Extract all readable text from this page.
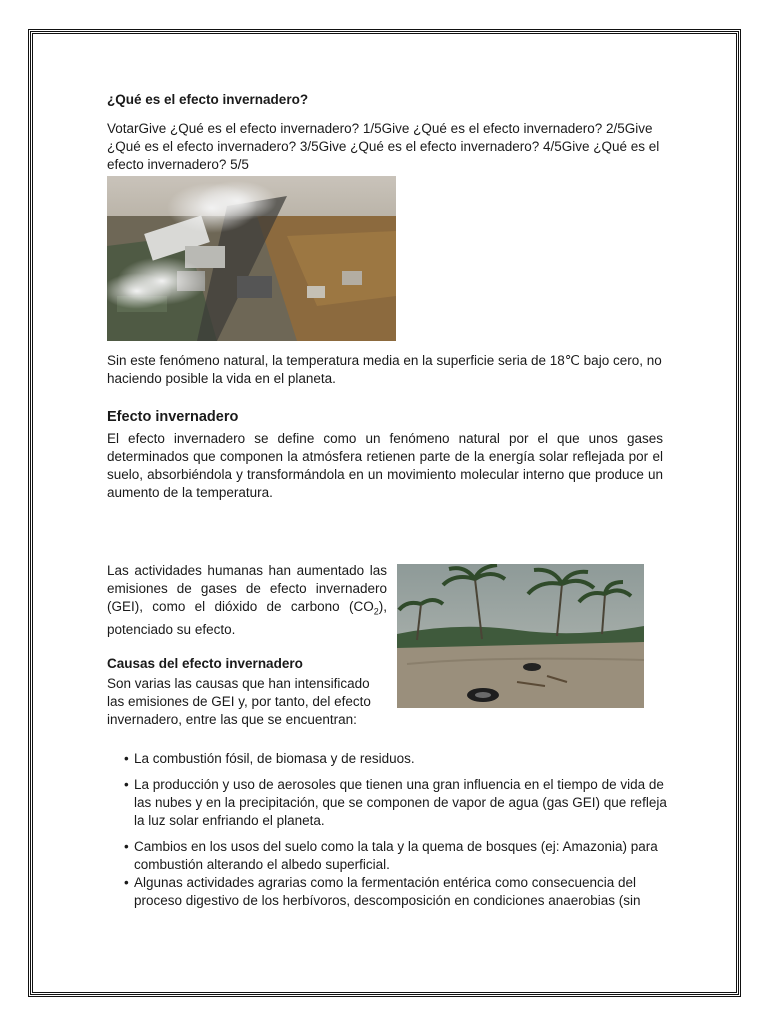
¿Qué es el efecto invernadero?
VotarGive ¿Qué es el efecto invernadero? 1/5Give ¿Qué es el efecto invernadero? 2/5Give ¿Qué es el efecto invernadero? 3/5Give ¿Qué es el efecto invernadero? 4/5Give ¿Qué es el efecto invernadero? 5/5
Sin este fenómeno natural, la temperatura media en la superficie seria de 18℃ bajo cero, no haciendo posible la vida en el planeta.
Efecto invernadero
El efecto invernadero se define como un fenómeno natural por el que unos gases determinados que componen la atmósfera retienen parte de la energía solar reflejada por el suelo, absorbiéndola y transformándola en un movimiento molecular interno que produce un aumento de la temperatura.
Las actividades humanas han aumentado las emisiones de gases de efecto invernadero (GEI), como el dióxido de carbono $(CO_2)$, potenciado su efecto.
Causas del efecto invernadero
Son varias las causas que han intensificado las emisiones de GEI y, por tanto, del efecto invernadero, entre las que se encuentran:
• La combustión fósil, de biomasa y de residuos.
• La producción y uso de aerosoles que tienen una gran influencia en el tiempo de vida de las nubes y en la precipitación, que se componen de vapor de agua (gas GEI) que refleja la luz solar enfriando el planeta.
• Cambios en los usos del suelo como la tala y la quema de bosques (ej: Amazonia) para combustión alterando el albedo superficial.
• Algunas actividades agrarias como la fermentación entérica como consecuencia del proceso digestivo de los herbívoros, descomposición en condiciones anaerobias (sin
